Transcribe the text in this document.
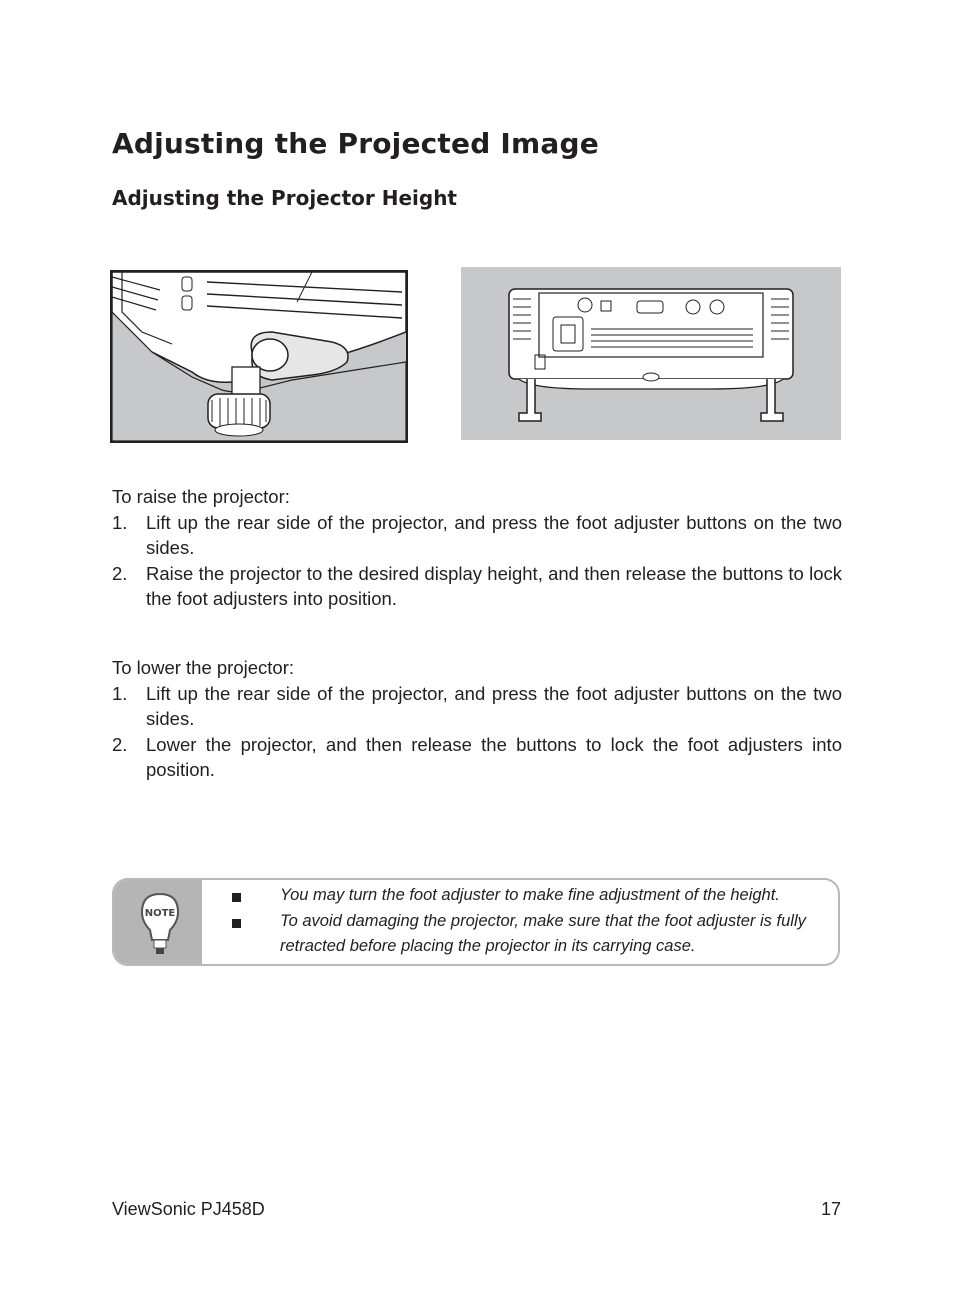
Adjusting the Projected Image
Adjusting the Projector Height

To raise the projector:

1. Lift up the rear side of the projector, and press the foot adjuster buttons on the two sides.
2. Raise the projector to the desired display height, and then release the buttons to lock the foot adjusters into position.

To lower the projector:

1. Lift up the rear side of the projector, and press the foot adjuster buttons on the two sides.
2. Lower the projector, and then release the buttons to lock the foot adjusters into position.
NOTE
You may turn the foot adjuster to make fine adjustment of the height.
To avoid damaging the projector, make sure that the foot adjuster is fully retracted before placing the projector in its carrying case.
ViewSonic PJ458D	17
